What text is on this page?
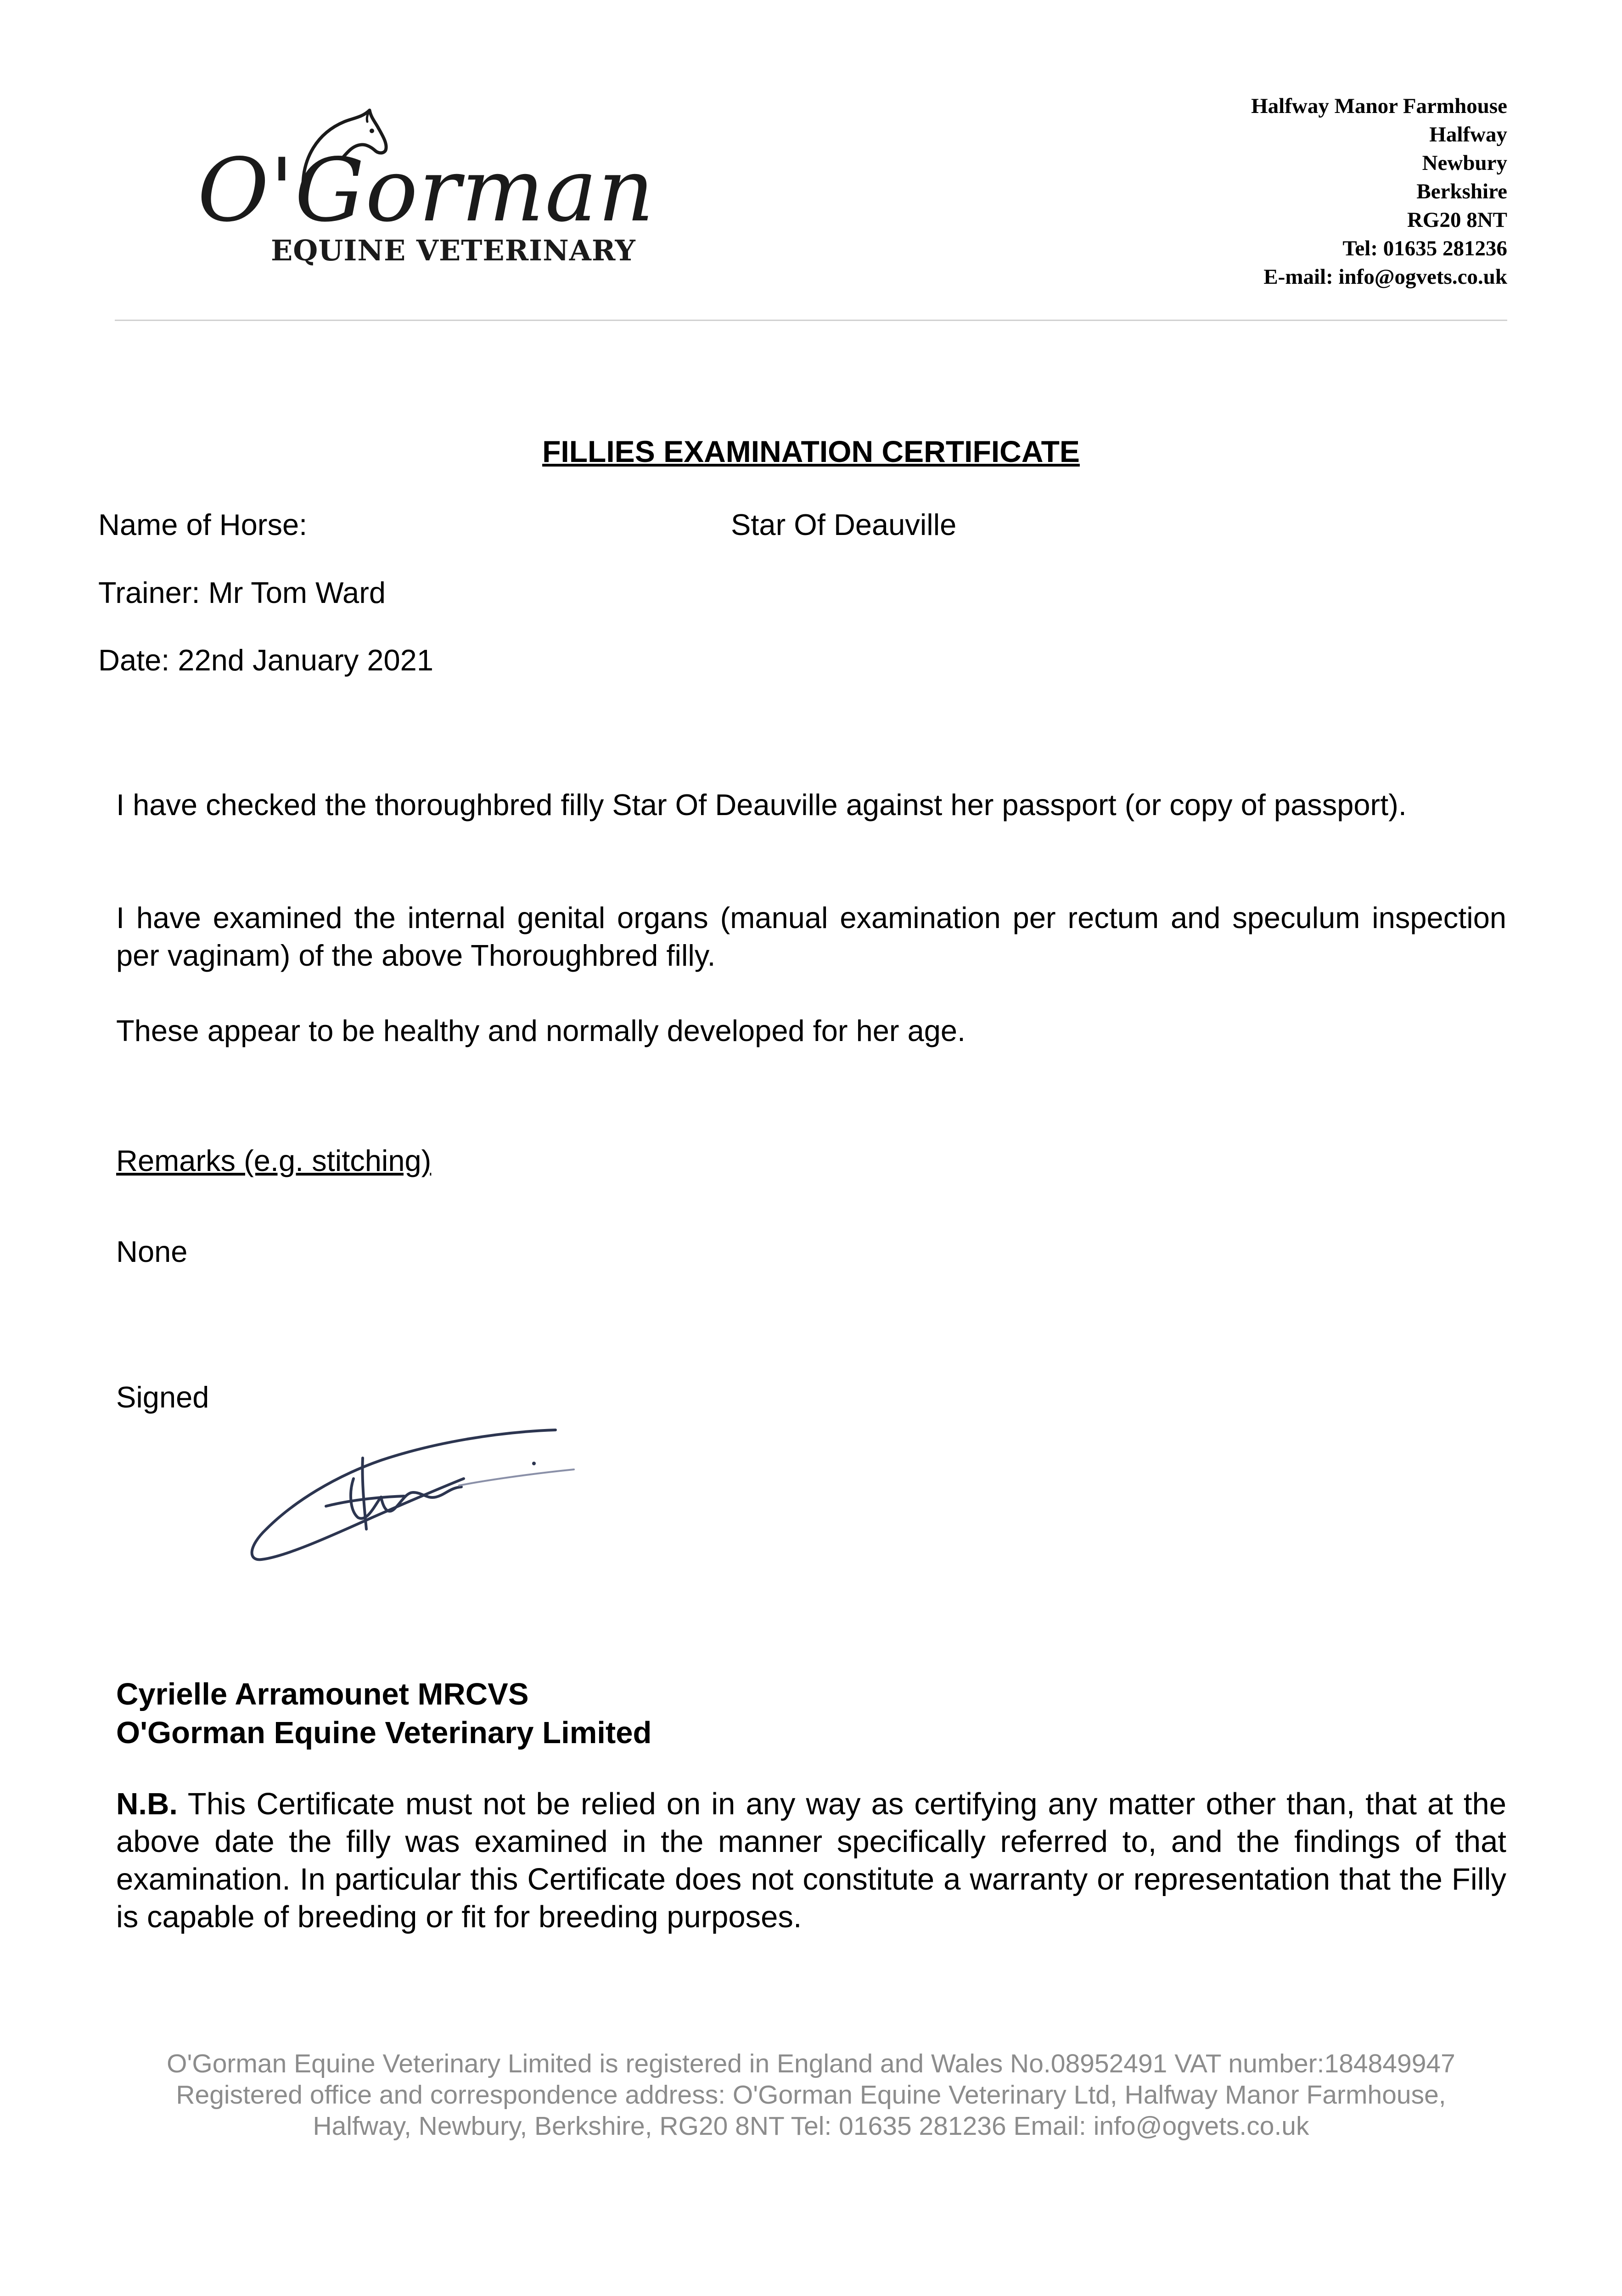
O'Gorman
EQUINE VETERINARY
Halfway Manor Farmhouse
Halfway
Newbury
Berkshire
RG20 8NT
Tel: 01635 281236
E-mail: info@ogvets.co.uk
FILLIES EXAMINATION CERTIFICATE
Name of Horse:	Star Of Deauville
Trainer: Mr Tom Ward
Date: 22nd January 2021
I have checked the thoroughbred filly Star Of Deauville against her passport (or copy of passport).
I have examined the internal genital organs (manual examination per rectum and speculum inspection per vaginam) of the above Thoroughbred filly.
These appear to be healthy and normally developed for her age.
Remarks (e.g. stitching)
None
Signed
Cyrielle Arramounet MRCVS
O'Gorman Equine Veterinary Limited
N.B. This Certificate must not be relied on in any way as certifying any matter other than, that at the above date the filly was examined in the manner specifically referred to, and the findings of that examination. In particular this Certificate does not constitute a warranty or representation that the Filly is capable of breeding or fit for breeding purposes.
O'Gorman Equine Veterinary Limited is registered in England and Wales No.08952491 VAT number:184849947
Registered office and correspondence address: O'Gorman Equine Veterinary Ltd, Halfway Manor Farmhouse,
Halfway, Newbury, Berkshire, RG20 8NT Tel: 01635 281236 Email: info@ogvets.co.uk
